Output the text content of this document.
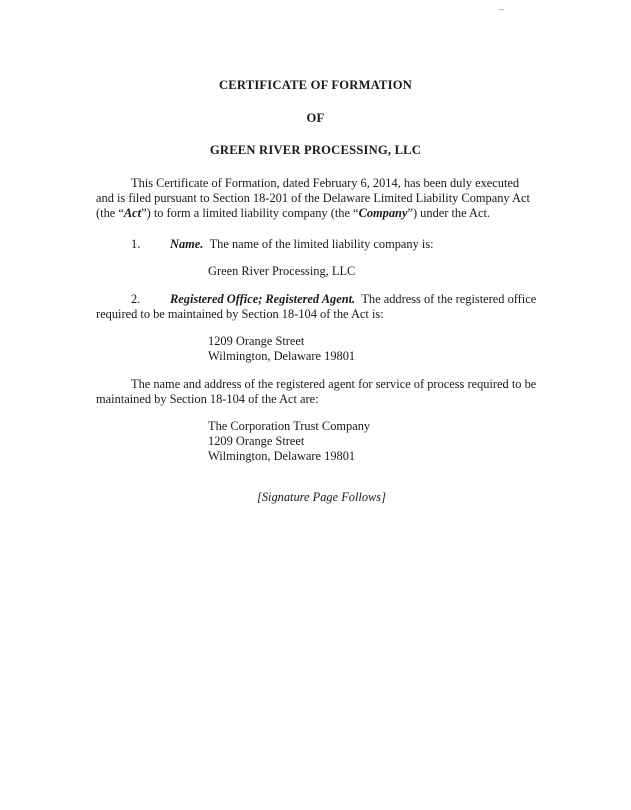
CERTIFICATE OF FORMATION
OF
GREEN RIVER PROCESSING, LLC
This Certificate of Formation, dated February 6, 2014, has been duly executed
and is filed pursuant to Section 18-201 of the Delaware Limited Liability Company Act
(the “Act”) to form a limited liability company (the “Company”) under the Act.
1. Name. The name of the limited liability company is:
Green River Processing, LLC
2. Registered Office; Registered Agent. The address of the registered office
required to be maintained by Section 18-104 of the Act is:
1209 Orange Street
Wilmington, Delaware 19801
The name and address of the registered agent for service of process required to be
maintained by Section 18-104 of the Act are:
The Corporation Trust Company
1209 Orange Street
Wilmington, Delaware 19801
[Signature Page Follows]
